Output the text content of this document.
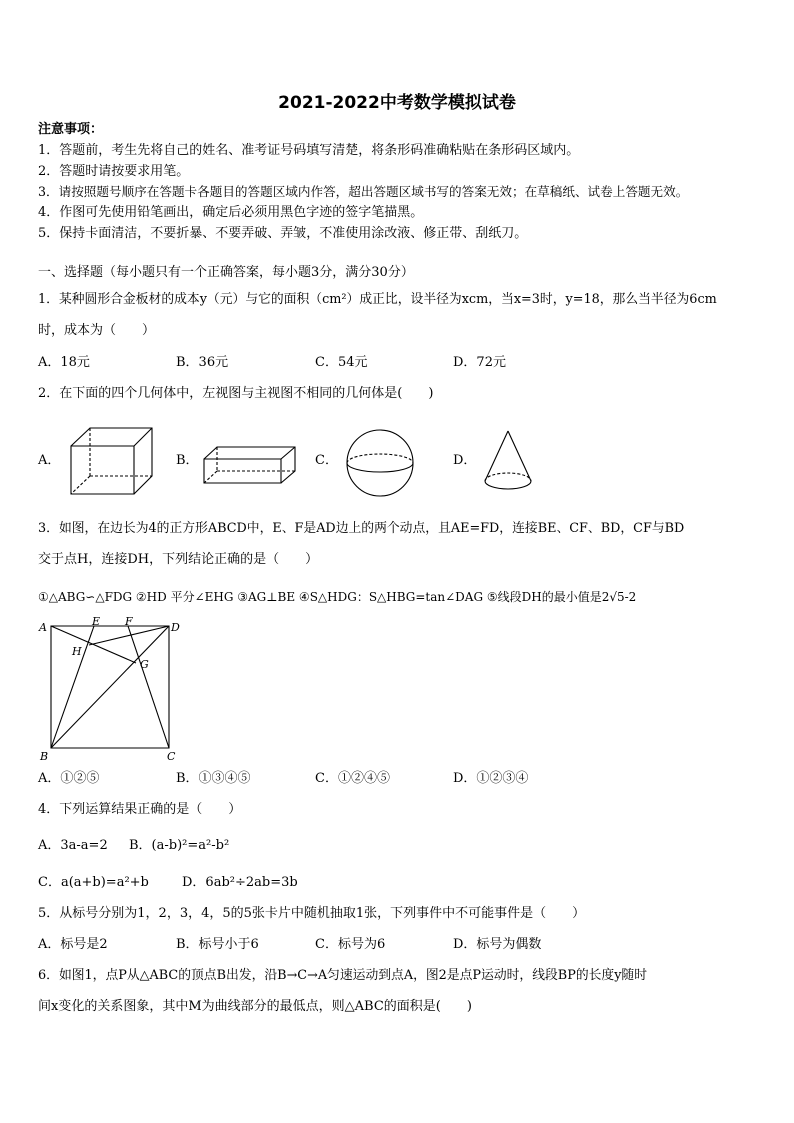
2021-2022中考数学模拟试卷
注意事项：
1．答题前，考生先将自己的姓名、准考证号码填写清楚，将条形码准确粘贴在条形码区域内。
2．答题时请按要求用笔。
3．请按照题号顺序在答题卡各题目的答题区域内作答，超出答题区域书写的答案无效；在草稿纸、试卷上答题无效。
4．作图可先使用铅笔画出，确定后必须用黑色字迹的签字笔描黑。
5．保持卡面清洁，不要折暴、不要弄破、弄皱，不准使用涂改液、修正带、刮纸刀。
一、选择题（每小题只有一个正确答案，每小题3分，满分30分）
1．某种圆形合金板材的成本y（元）与它的面积（cm²）成正比，设半径为xcm，当x=3时，y=18，那么当半径为6cm
时，成本为（　　）
A．18元	B．36元	C．54元	D．72元
2．在下面的四个几何体中，左视图与主视图不相同的几何体是(　　)
A．	B．	C．	D．
3．如图，在边长为4的正方形ABCD中，E、F是AD边上的两个动点，且AE=FD，连接BE、CF、BD，CF与BD
交于点H，连接DH，下列结论正确的是（　　）
①△ABG∽△FDG ②HD 平分∠EHG ③AG⊥BE ④S△HDG：S△HBG=tan∠DAG ⑤线段DH的最小值是2√5-2
A	E F	D
H
G
B	C
A．①②⑤	B．①③④⑤	C．①②④⑤	D．①②③④
4．下列运算结果正确的是（　　）
A．3a-a=2 B．(a-b)²=a²-b²
C．a(a+b)=a²+b	D．6ab²÷2ab=3b
5．从标号分别为1，2，3，4，5的5张卡片中随机抽取1张，下列事件中不可能事件是（　　）
A．标号是2	B．标号小于6	C．标号为6	D．标号为偶数
6．如图1，点P从△ABC的顶点B出发，沿B→C→A匀速运动到点A，图2是点P运动时，线段BP的长度y随时
间x变化的关系图象，其中M为曲线部分的最低点，则△ABC的面积是(　　)
